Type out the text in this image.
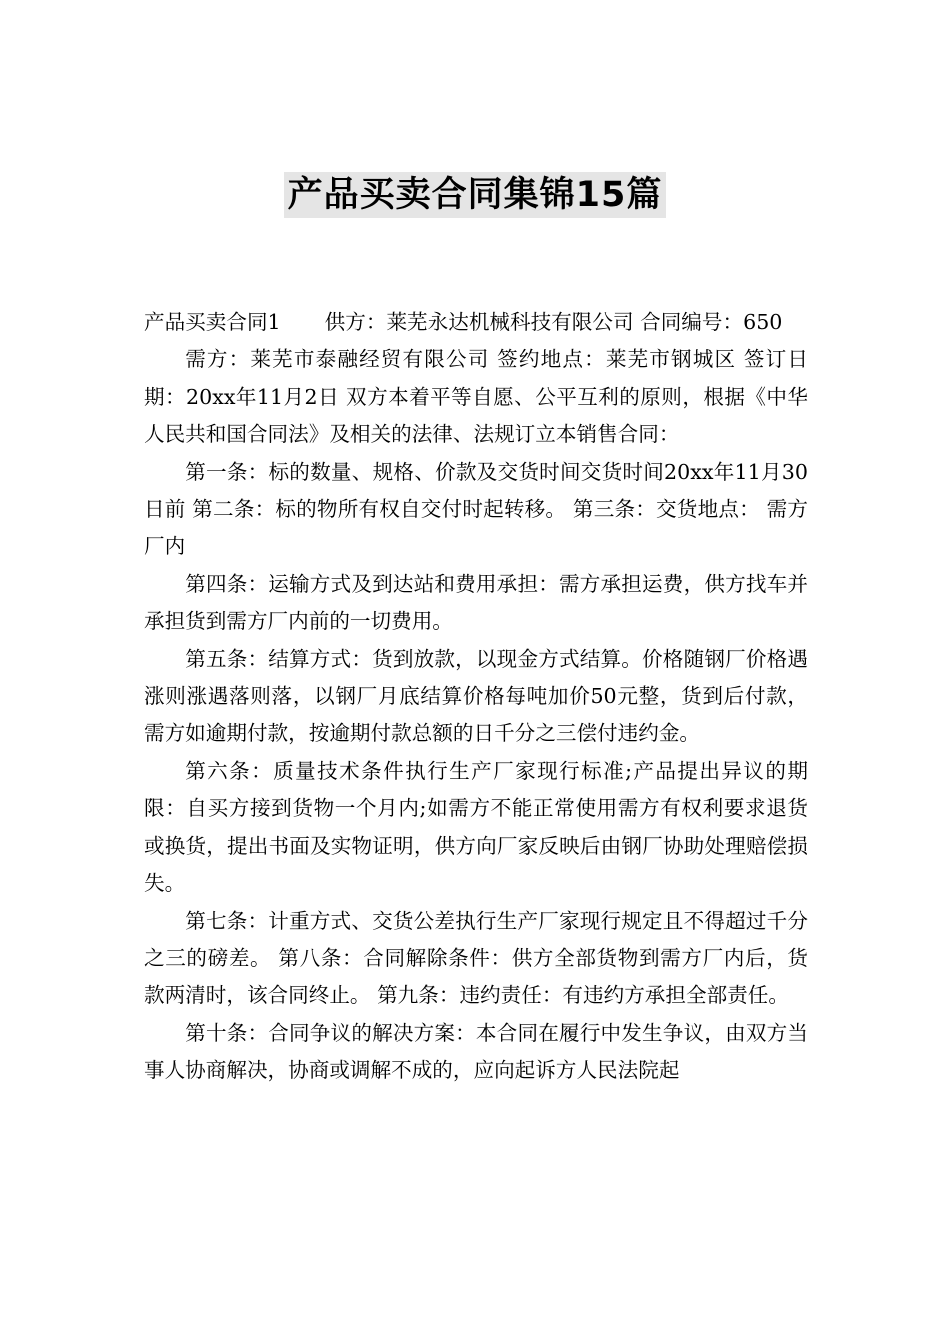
产品买卖合同集锦15篇

产品买卖合同1 供方：莱芜永达机械科技有限公司 合同编号：650

需方：莱芜市泰融经贸有限公司 签约地点：莱芜市钢城区 签订日期：20xx年11月2日 双方本着平等自愿、公平互利的原则，根据《中华人民共和国合同法》及相关的法律、法规订立本销售合同：

第一条：标的数量、规格、价款及交货时间交货时间20xx年11月30日前 第二条：标的物所有权自交付时起转移。 第三条：交货地点： 需方厂内

第四条：运输方式及到达站和费用承担：需方承担运费，供方找车并承担货到需方厂内前的一切费用。

第五条：结算方式：货到放款，以现金方式结算。价格随钢厂价格遇涨则涨遇落则落，以钢厂月底结算价格每吨加价50元整，货到后付款，需方如逾期付款，按逾期付款总额的日千分之三偿付违约金。

第六条：质量技术条件执行生产厂家现行标准;产品提出异议的期限：自买方接到货物一个月内;如需方不能正常使用需方有权利要求退货或换货，提出书面及实物证明，供方向厂家反映后由钢厂协助处理赔偿损失。

第七条：计重方式、交货公差执行生产厂家现行规定且不得超过千分之三的磅差。 第八条：合同解除条件：供方全部货物到需方厂内后，货款两清时，该合同终止。 第九条：违约责任：有违约方承担全部责任。

第十条：合同争议的解决方案：本合同在履行中发生争议，由双方当事人协商解决，协商或调解不成的，应向起诉方人民法院起
